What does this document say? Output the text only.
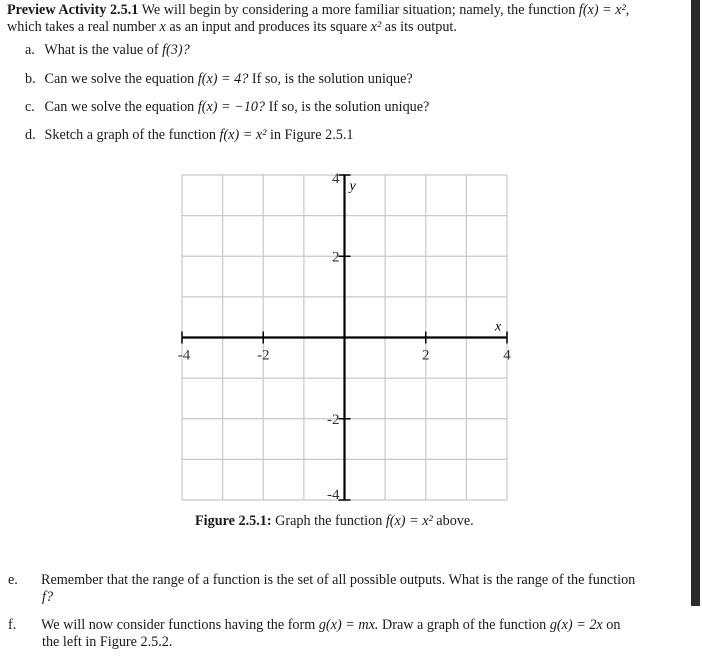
Preview Activity 2.5.1 We will begin by considering a more familiar situation; namely, the function f(x) = x²,
which takes a real number x as an input and produces its square x² as its output.
a. What is the value of f(3)?
b. Can we solve the equation f(x) = 4? If so, is the solution unique?
c. Can we solve the equation f(x) = −10? If so, is the solution unique?
d. Sketch a graph of the function f(x) = x² in Figure 2.5.1
-4	-2	2	4
4
2
-2
-4
x
y
Figure 2.5.1: Graph the function f(x) = x² above.
e. Remember that the range of a function is the set of all possible outputs. What is the range of the function
f?
f. We will now consider functions having the form g(x) = mx. Draw a graph of the function g(x) = 2x on
the left in Figure 2.5.2.
